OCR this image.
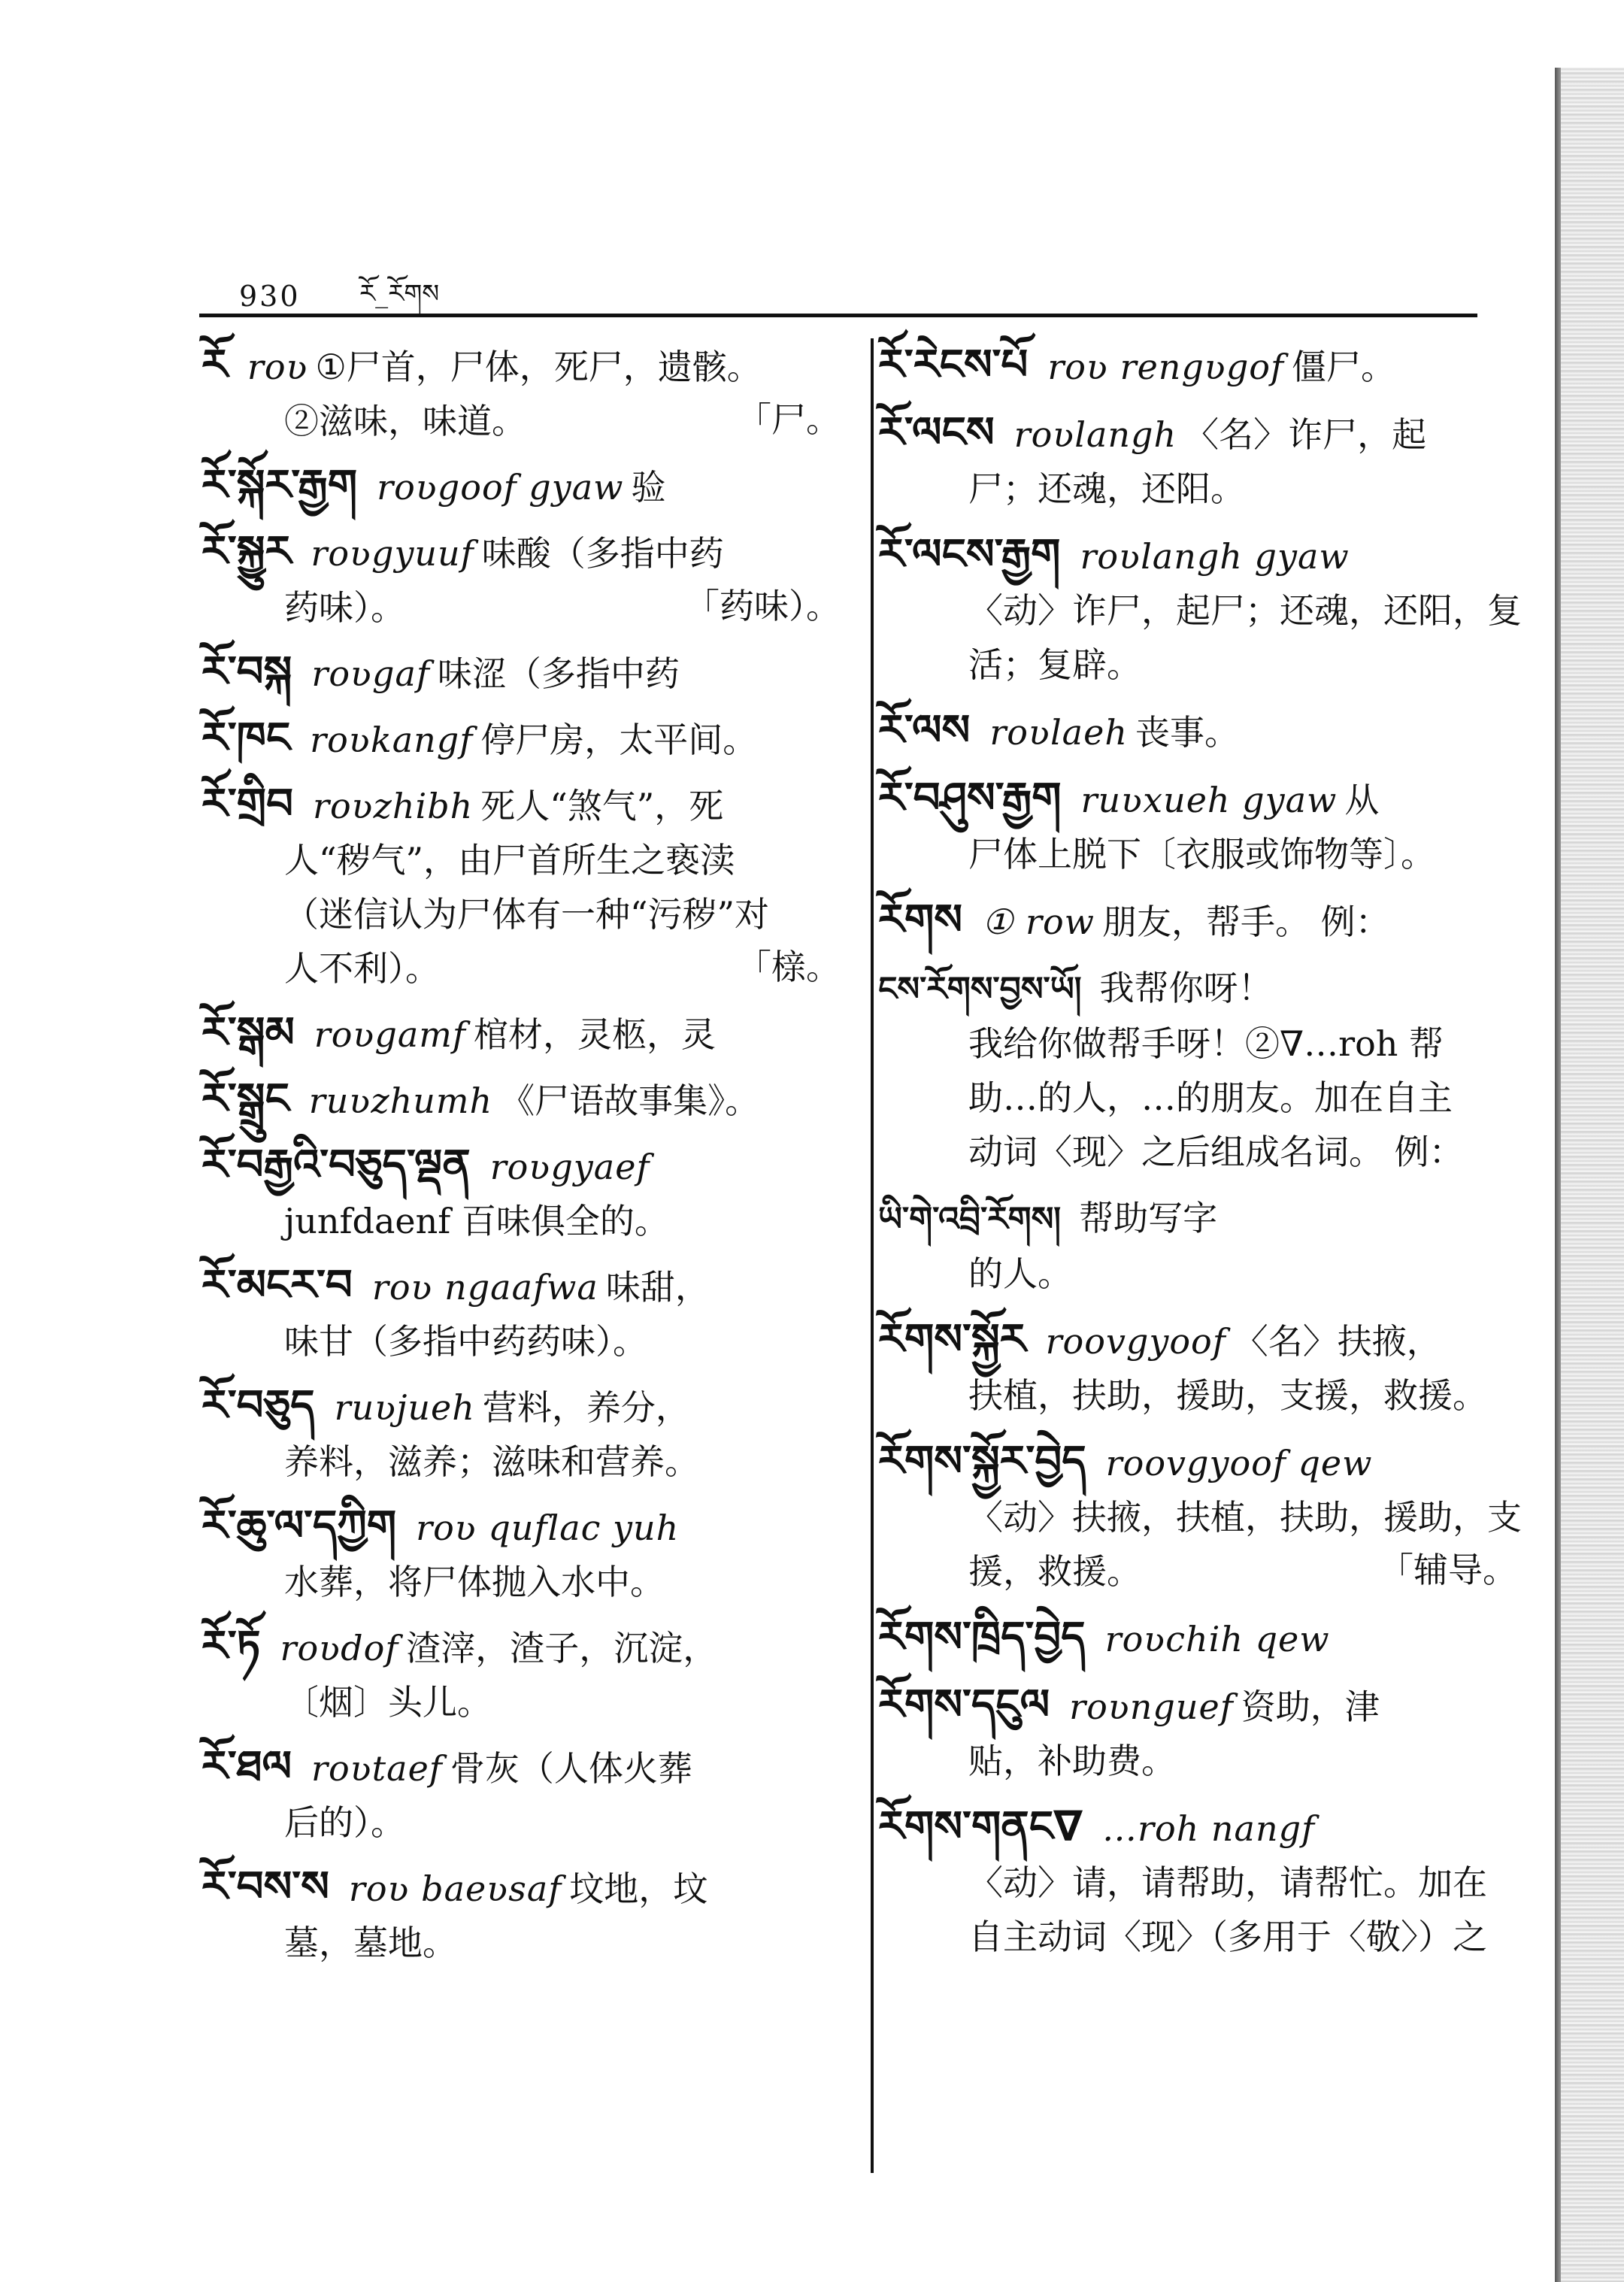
930 རོ_རོགས
རོ roʋ ①尸首，尸体，死尸，遗骸。
②滋味，味道。	「尸。
རོ་སྐོར་རྒྱག roʋgoof gyaw 验
རོ་སྐྱུར roʋgyuuf 味酸（多指中药
药味）。	「药味）。
རོ་བསྐ roʋgaf 味涩（多指中药
རོ་ཁང roʋkangf 停尸房，太平间。
རོ་གྲིབ roʋzhibh 死人“煞气”，死
人“秽气”，由尸首所生之亵渎
（迷信认为尸体有一种“污秽”对
人不利）。	「榇。
རོ་སྒམ roʋgamf 棺材，灵柩，灵
རོ་སྒྲུང ruʋzhumh 《尸语故事集》。
རོ་བརྒྱའི་བཅུད་ལྡན roʋgyaef
junfdaenf 百味俱全的。
རོ་མངར་བ roʋ ngaafwa 味甜，
味甘（多指中药药味）。
རོ་བཅུད ruʋjueh 营料，养分，
养料，滋养；滋味和营养。
རོ་ཆུ་ལ་དཀྱིག roʋ quflac yuh
水葬，将尸体抛入水中。
རོ་ཏོ roʋdof 渣滓，渣子，沉淀，
〔烟〕头儿。
རོ་ཐལ roʋtaef 骨灰（人体火葬
后的）。
རོ་བས་ས roʋ baeʋsaf 坟地，坟
墓，墓地。
རོ་རེངས་པོ roʋ rengʋgof 僵尸。
རོ་ལངས roʋlangh 〈名〉诈尸，起
尸；还魂，还阳。
རོ་ལངས་རྒྱག roʋlangh gyaw
〈动〉诈尸，起尸；还魂，还阳，复
活；复辟。
རོ་ལས roʋlaeh 丧事。
རོ་བཤུས་རྒྱག ruʋxueh gyaw 从
尸体上脱下〔衣服或饰物等〕。
རོགས ① row 朋友，帮手。 例：
ངས་རོགས་བྱས་ཡོ། 我帮你呀！
我给你做帮手呀！②∇…roh 帮
助…的人，…的朋友。加在自主
动词〈现〉之后组成名词。 例：
ཡི་གེ་འབྲི་རོགས། 帮助写字
的人。
རོགས་སྐྱོར roovgyoof 〈名〉扶掖，
扶植，扶助，援助，支援，救援。
རོགས་སྐྱོར་བྱེད roovgyoof qew
〈动〉扶掖，扶植，扶助，援助，支
援，救援。	「辅导。
རོགས་ཁྲིད་བྱེད roʋchih qew
རོགས་དངུལ roʋnguef 资助，津
贴，补助费。
རོགས་གནང∇ …roh nangf
〈动〉请，请帮助，请帮忙。加在
自主动词〈现〉（多用于〈敬〉）之
